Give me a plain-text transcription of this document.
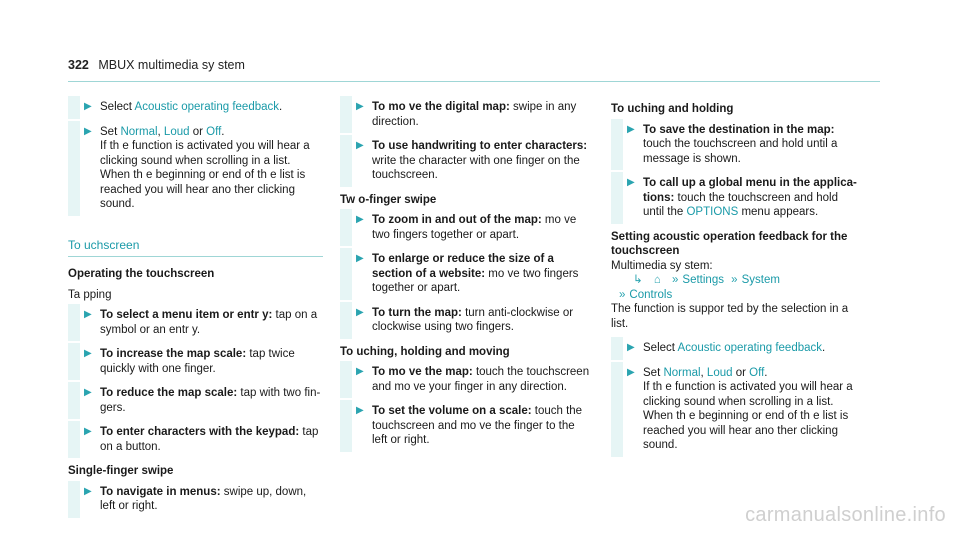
322 MBUX multimedia sy stem
▶ Select Acoustic operating feedback.
▶ Set Normal, Loud or Off.
If th e function is activated you will hear a clicking sound when scrolling in a list. When th e beginning or end of th e list is reached you will hear ano ther clicking sound.
To uchscreen
Operating the touchscreen
Ta pping
▶ To select a menu item or entr y: tap on a symbol or an entr y.
▶ To increase the map scale: tap twice quickly with one finger.
▶ To reduce the map scale: tap with two fin‐ gers.
▶ To enter characters with the keypad: tap on a button.
Single-finger swipe
▶ To navigate in menus: swipe up, down, left or right.
▶ To mo ve the digital map: swipe in any direction.
▶ To use handwriting to enter characters: write the character with one finger on the touchscreen.
Tw o-finger swipe
▶ To zoom in and out of the map: mo ve two fingers together or apart.
▶ To enlarge or reduce the size of a section of a website: mo ve two fingers together or apart.
▶ To turn the map: turn anti-clockwise or clockwise using two fingers.
To uching, holding and moving
▶ To mo ve the map: touch the touchscreen and mo ve your finger in any direction.
▶ To set the volume on a scale: touch the touchscreen and mo ve the finger to the left or right.
To uching and holding
▶ To save the destination in the map: touch the touchscreen and hold until a message is shown.
▶ To call up a global menu in the applica‐ tions: touch the touchscreen and hold until the OPTIONS menu appears.
Setting acoustic operation feedback for the touchscreen
Multimedia sy stem:
↳ ⌂ » Settings » System
» Controls
The function is suppor ted by the selection in a list.
▶ Select Acoustic operating feedback.
▶ Set Normal, Loud or Off.
If th e function is activated you will hear a clicking sound when scrolling in a list. When th e beginning or end of th e list is reached you will hear ano ther clicking sound.
carmanualsonline.info
